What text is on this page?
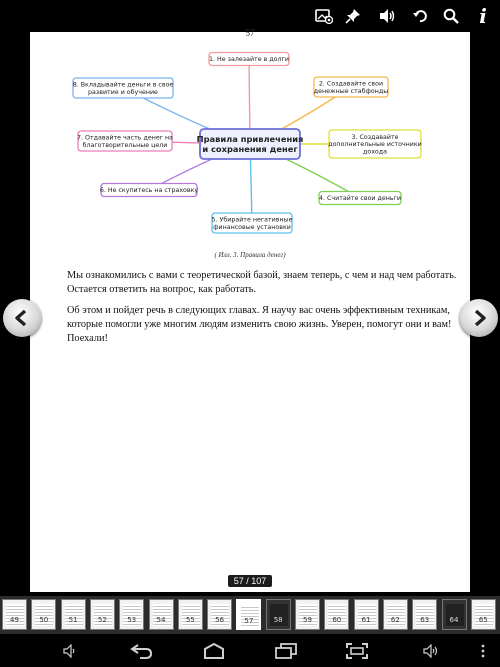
i
57
1. Не залезайте в долги
2. Создавайте свои
денежные стабфонды
3. Создавайте
дополнительные источники
дохода
4. Считайте свои деньги
5. Убирайте негативные
финансовые установки
6. Не скупитесь на страховку
7. Отдавайте часть денег на
благотворительные цели
8. Вкладывайте деньги в свое
развитие и обучение
Правила привлечения
и сохранения денег
( Илл. 3. Правила денег)
Мы ознакомились с вами с теоретической базой, знаем теперь, с чем и над чем работать. Остается ответить на вопрос, как работать.
Об этом и пойдет речь в следующих главах. Я научу вас очень эффективным техникам, которые помогли уже многим людям изменить свою жизнь. Уверен, помогут они и вам! Поехали!
57 / 107
49	50	51	52	53	54	55	56	57	58	59	60	61	62	63	64	65
